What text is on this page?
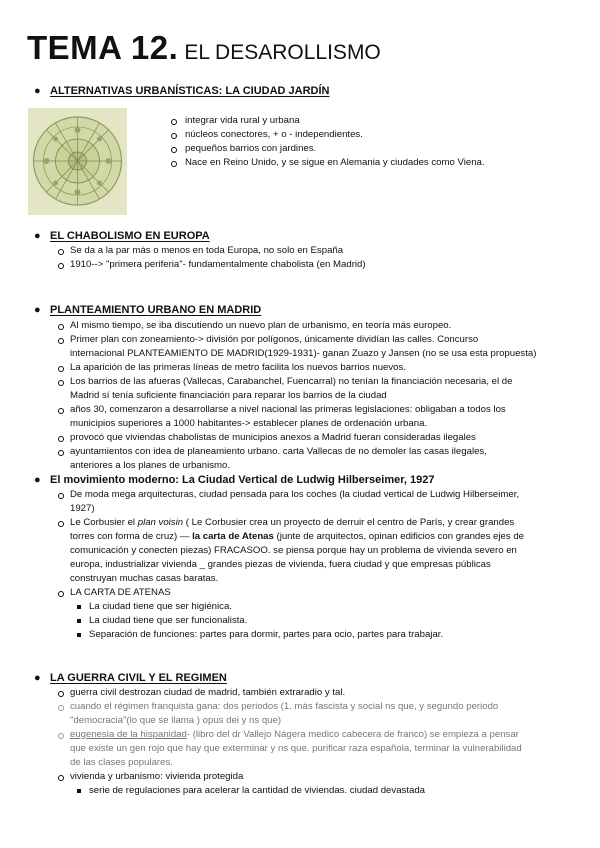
TEMA 12. EL DESAROLLISMO
● ALTERNATIVAS URBANÍSTICAS: LA CIUDAD JARDÍN
integrar vida rural y urbana
núcleos conectores, + o - independientes.
pequeños barrios con jardines.
Nace en Reino Unido, y se sigue en Alemania y ciudades como Viena.
● EL CHABOLISMO EN EUROPA
Se da a la par más o menos en toda Europa, no solo en España
1910--> "primera periferia"- fundamentalmente chabolista (en Madrid)
● PLANTEAMIENTO URBANO EN MADRID
Al mismo tiempo, se iba discutiendo un nuevo plan de urbanismo, en teoría más europeo.
Primer plan con zoneamiento-> división por polígonos, únicamente dividían las calles. Concurso
internacional PLANTEAMIENTO DE MADRID(1929-1931)- ganan Zuazo y Jansen (no se usa esta propuesta)
La aparición de las primeras líneas de metro facilita los nuevos barrios nuevos.
Los barrios de las afueras (Vallecas, Carabanchel, Fuencarral) no tenían la financiación necesaria, el de
Madrid sí tenía suficiente financiación para reparar los barrios de la ciudad
años 30, comenzaron a desarrollarse a nivel nacional las primeras legislaciones: obligaban a todos los
municipios superiores a 1000 habitantes-> establecer planes de ordenación urbana.
provocó que viviendas chabolistas de municipios anexos a Madrid fueran consideradas ilegales
ayuntamientos con idea de planeamiento urbano. carta Vallecas de no demoler las casas ilegales,
anteriores a los planes de urbanismo.
● El movimiento moderno: La Ciudad Vertical de Ludwig Hilberseimer, 1927
De moda mega arquitecturas, ciudad pensada para los coches (la ciudad vertical de Ludwig Hilberseimer,
1927)
Le Corbusier el plan voisin ( Le Corbusier crea un proyecto de derruir el centro de París, y crear grandes
torres con forma de cruz) — la carta de Atenas (junte de arquitectos, opinan edificios con grandes ejes de
comunicación y conecten piezas) FRACASOO. se piensa porque hay un problema de vivienda severo en
europa, industrializar vivienda _ grandes piezas de vivienda, fuera ciudad y que empresas públicas
construyan muchas casas baratas.
LA CARTA DE ATENAS
La ciudad tiene que ser higiénica.
La ciudad tiene que ser funcionalista.
Separación de funciones: partes para dormir, partes para ocio, partes para trabajar.
● LA GUERRA CIVIL Y EL REGIMEN
guerra civil destrozan ciudad de madrid, también extraradio y tal.
cuando el régimen franquista gana: dos periodos (1. más fascista y social ns que, y segundo periodo
"democracia"(lo que se llama ) opus dei y ns que)
eugenesia de la hispanidad- (libro del dr Vallejo Nágera medico cabecera de franco) se empieza a pensar
que existe un gen rojo que hay que exterminar y ns que. purificar raza española, terminar la vulnerabilidad
de las clases populares.
vivienda y urbanismo: vivienda protegida
serie de regulaciones para acelerar la cantidad de viviendas. ciudad devastada
